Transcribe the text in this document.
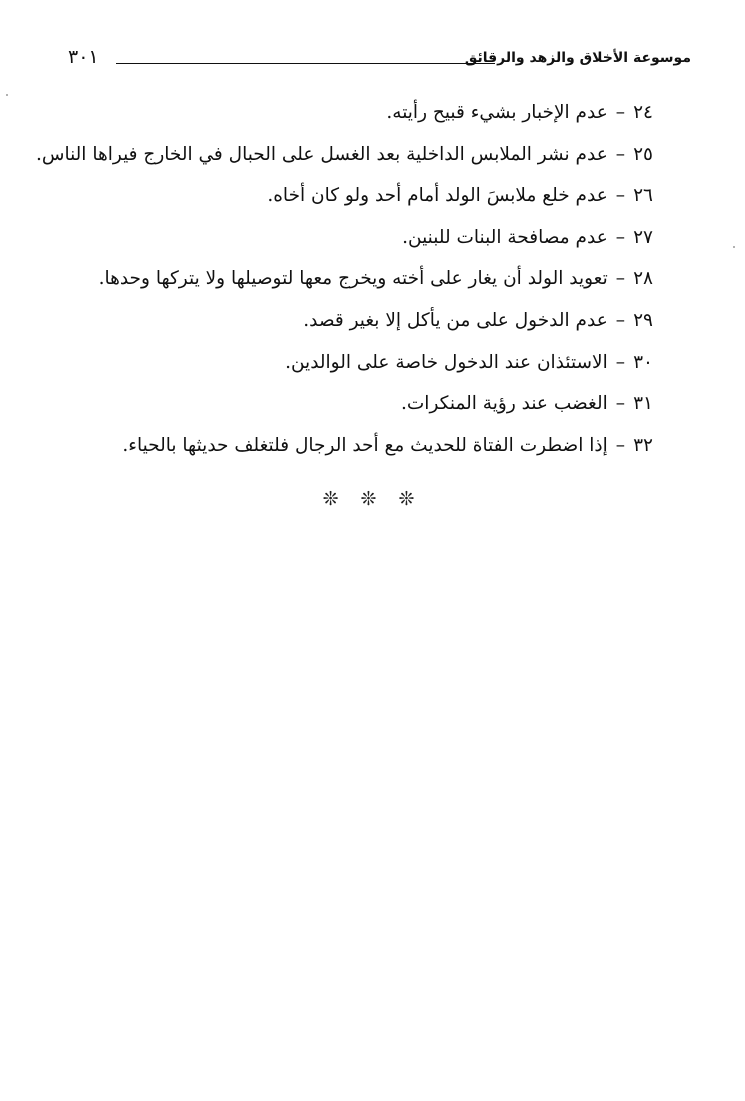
موسوعة الأخلاق والزهد والرقائق
٣٠١
٢٤–عدم الإخبار بشيء قبيح رأيته.
٢٥–عدم نشر الملابس الداخلية بعد الغسل على الحبال في الخارج فيراها الناس.
٢٦–عدم خلع ملابسَ الولد أمام أحد ولو كان أخاه.
٢٧–عدم مصافحة البنات للبنين.
٢٨–تعويد الولد أن يغار على أخته ويخرج معها لتوصيلها ولا يتركها وحدها.
٢٩–عدم الدخول على من يأكل إلا بغير قصد.
٣٠–الاستئذان عند الدخول خاصة على الوالدين.
٣١–الغضب عند رؤية المنكرات.
٣٢–إذا اضطرت الفتاة للحديث مع أحد الرجال فلتغلف حديثها بالحياء.
❊ ❊ ❊
